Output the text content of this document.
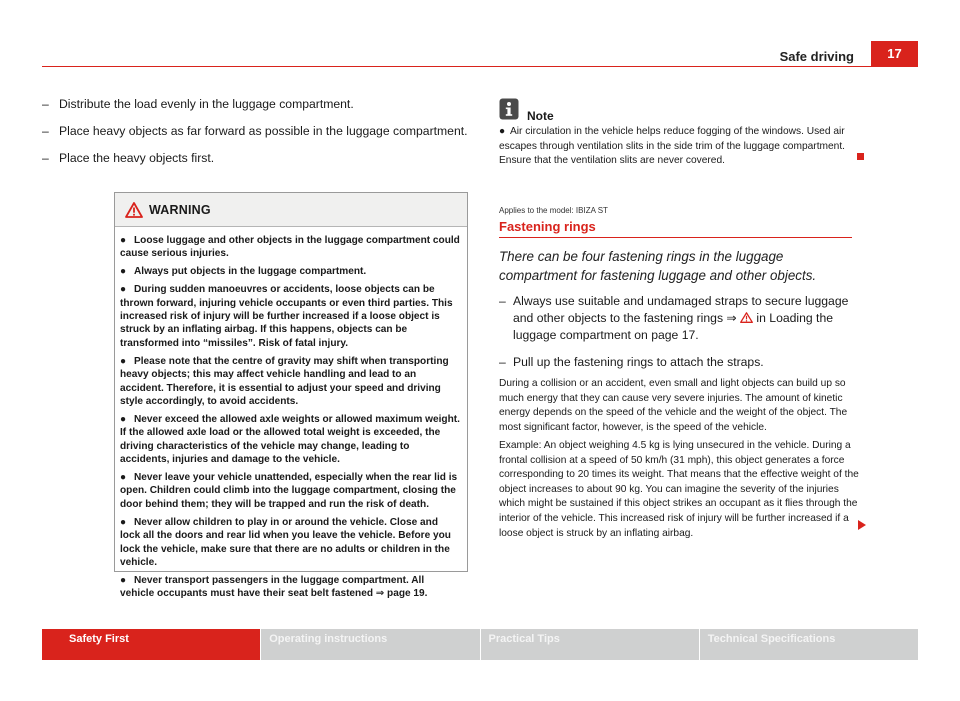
Safe driving	17
– Distribute the load evenly in the luggage compartment.
– Place heavy objects as far forward as possible in the luggage compartment.
– Place the heavy objects first.
WARNING
● Loose luggage and other objects in the luggage compartment could cause serious injuries.
● Always put objects in the luggage compartment.
● During sudden manoeuvres or accidents, loose objects can be thrown forward, injuring vehicle occupants or even third parties. This increased risk of injury will be further increased if a loose object is struck by an inflating airbag. If this happens, objects can be transformed into “missiles”. Risk of fatal injury.
● Please note that the centre of gravity may shift when transporting heavy objects; this may affect vehicle handling and lead to an accident. Therefore, it is essential to adjust your speed and driving style accordingly, to avoid accidents.
● Never exceed the allowed axle weights or allowed maximum weight. If the allowed axle load or the allowed total weight is exceeded, the driving characteristics of the vehicle may change, leading to accidents, injuries and damage to the vehicle.
● Never leave your vehicle unattended, especially when the rear lid is open. Children could climb into the luggage compartment, closing the door behind them; they will be trapped and run the risk of death.
● Never allow children to play in or around the vehicle. Close and lock all the doors and rear lid when you leave the vehicle. Before you lock the vehicle, make sure that there are no adults or children in the vehicle.
● Never transport passengers in the luggage compartment. All vehicle occupants must have their seat belt fastened ⇒ page 19.
Note
● Air circulation in the vehicle helps reduce fogging of the windows. Used air escapes through ventilation slits in the side trim of the luggage compartment. Ensure that the ventilation slits are never covered.
Applies to the model: IBIZA ST
Fastening rings
There can be four fastening rings in the luggage compartment for fastening luggage and other objects.
– Always use suitable and undamaged straps to secure luggage and other objects to the fastening rings ⇒  in Loading the luggage compartment on page 17.
– Pull up the fastening rings to attach the straps.
During a collision or an accident, even small and light objects can build up so much energy that they can cause very severe injuries. The amount of kinetic energy depends on the speed of the vehicle and the weight of the object. The most significant factor, however, is the speed of the vehicle.
Example: An object weighing 4.5 kg is lying unsecured in the vehicle. During a frontal collision at a speed of 50 km/h (31 mph), this object generates a force corresponding to 20 times its weight. That means that the effective weight of the object increases to about 90 kg. You can imagine the severity of the injuries which might be sustained if this object strikes an occupant as it flies through the interior of the vehicle. This increased risk of injury will be further increased if a loose object is struck by an inflating airbag.
Safety First	Operating instructions	Practical Tips	Technical Specifications
